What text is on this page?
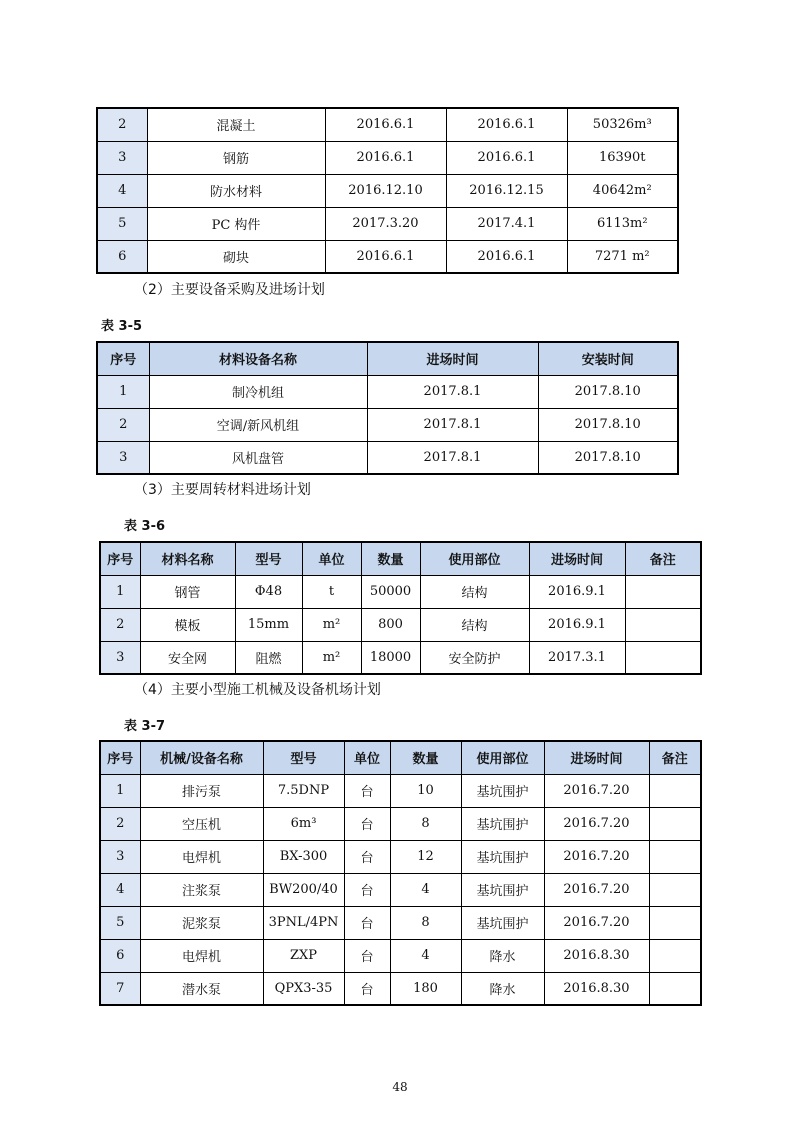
2	混凝土	2016.6.1	2016.6.1	50326m³
3	钢筋	2016.6.1	2016.6.1	16390t
4	防水材料	2016.12.10	2016.12.15	40642m²
5	PC 构件	2017.3.20	2017.4.1	6113m²
6	砌块	2016.6.1	2016.6.1	7271 m²
（2）主要设备采购及进场计划
表 3-5
序号	材料设备名称	进场时间	安装时间
1	制冷机组	2017.8.1	2017.8.10
2	空调/新风机组	2017.8.1	2017.8.10
3	风机盘管	2017.8.1	2017.8.10
（3）主要周转材料进场计划
表 3-6
序号	材料名称	型号	单位	数量	使用部位	进场时间	备注
1	钢管	Φ48	t	50000	结构	2016.9.1	
2	模板	15mm	m²	800	结构	2016.9.1	
3	安全网	阻燃	m²	18000	安全防护	2017.3.1	
（4）主要小型施工机械及设备机场计划
表 3-7
序号	机械/设备名称	型号	单位	数量	使用部位	进场时间	备注
1	排污泵	7.5DNP	台	10	基坑围护	2016.7.20	
2	空压机	6m³	台	8	基坑围护	2016.7.20	
3	电焊机	BX-300	台	12	基坑围护	2016.7.20	
4	注浆泵	BW200/40	台	4	基坑围护	2016.7.20	
5	泥浆泵	3PNL/4PN	台	8	基坑围护	2016.7.20	
6	电焊机	ZXP	台	4	降水	2016.8.30	
7	潜水泵	QPX3-35	台	180	降水	2016.8.30	
48
